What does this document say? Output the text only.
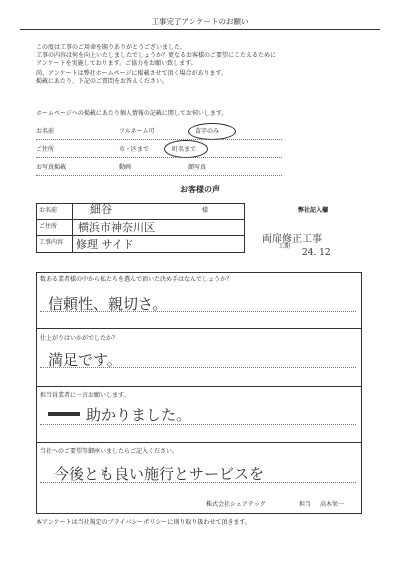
工事完了アンケートのお願い
この度は工事のご用命を賜りありがとうございました。
工事の内容は何を向上いたしましたでしょうか？更なるお客様のご要望にこたえるために
アンケートを実施しております。ご協力をお願い致します。
尚、アンケートは弊社ホームページに掲載させて頂く場合があります。
掲載にあたり、下記のご質問をお答えください。
ホームページへの掲載にあたり個人情報の記載に関してお伺いします。
お名前	フルネーム可	苗字のみ
ご住所	市・区まで	町名まで
お写真掲載	動画	顔写真
お客様の声
お名前	細谷	様
ご住所 横浜市神奈川区
工事内容 修理 サイド
弊社記入欄
両扉修正工事
工期
24. 12
数ある業者様の中から私たちを選んで頂いた決め手はなんでしょうか？
信頼性、親切さ。
仕上がりはいかがでしたか？
満足です。
担当営業者に一言お願いします。
助かりました。
当社へのご要望等御座いましたらご記入ください。
今後とも良い施行とサービスを
株式会社シェアテック	担当 高木栄一
本アンケートは当社規定のプライバシーポリシーに則り取り扱わせて頂きます。
